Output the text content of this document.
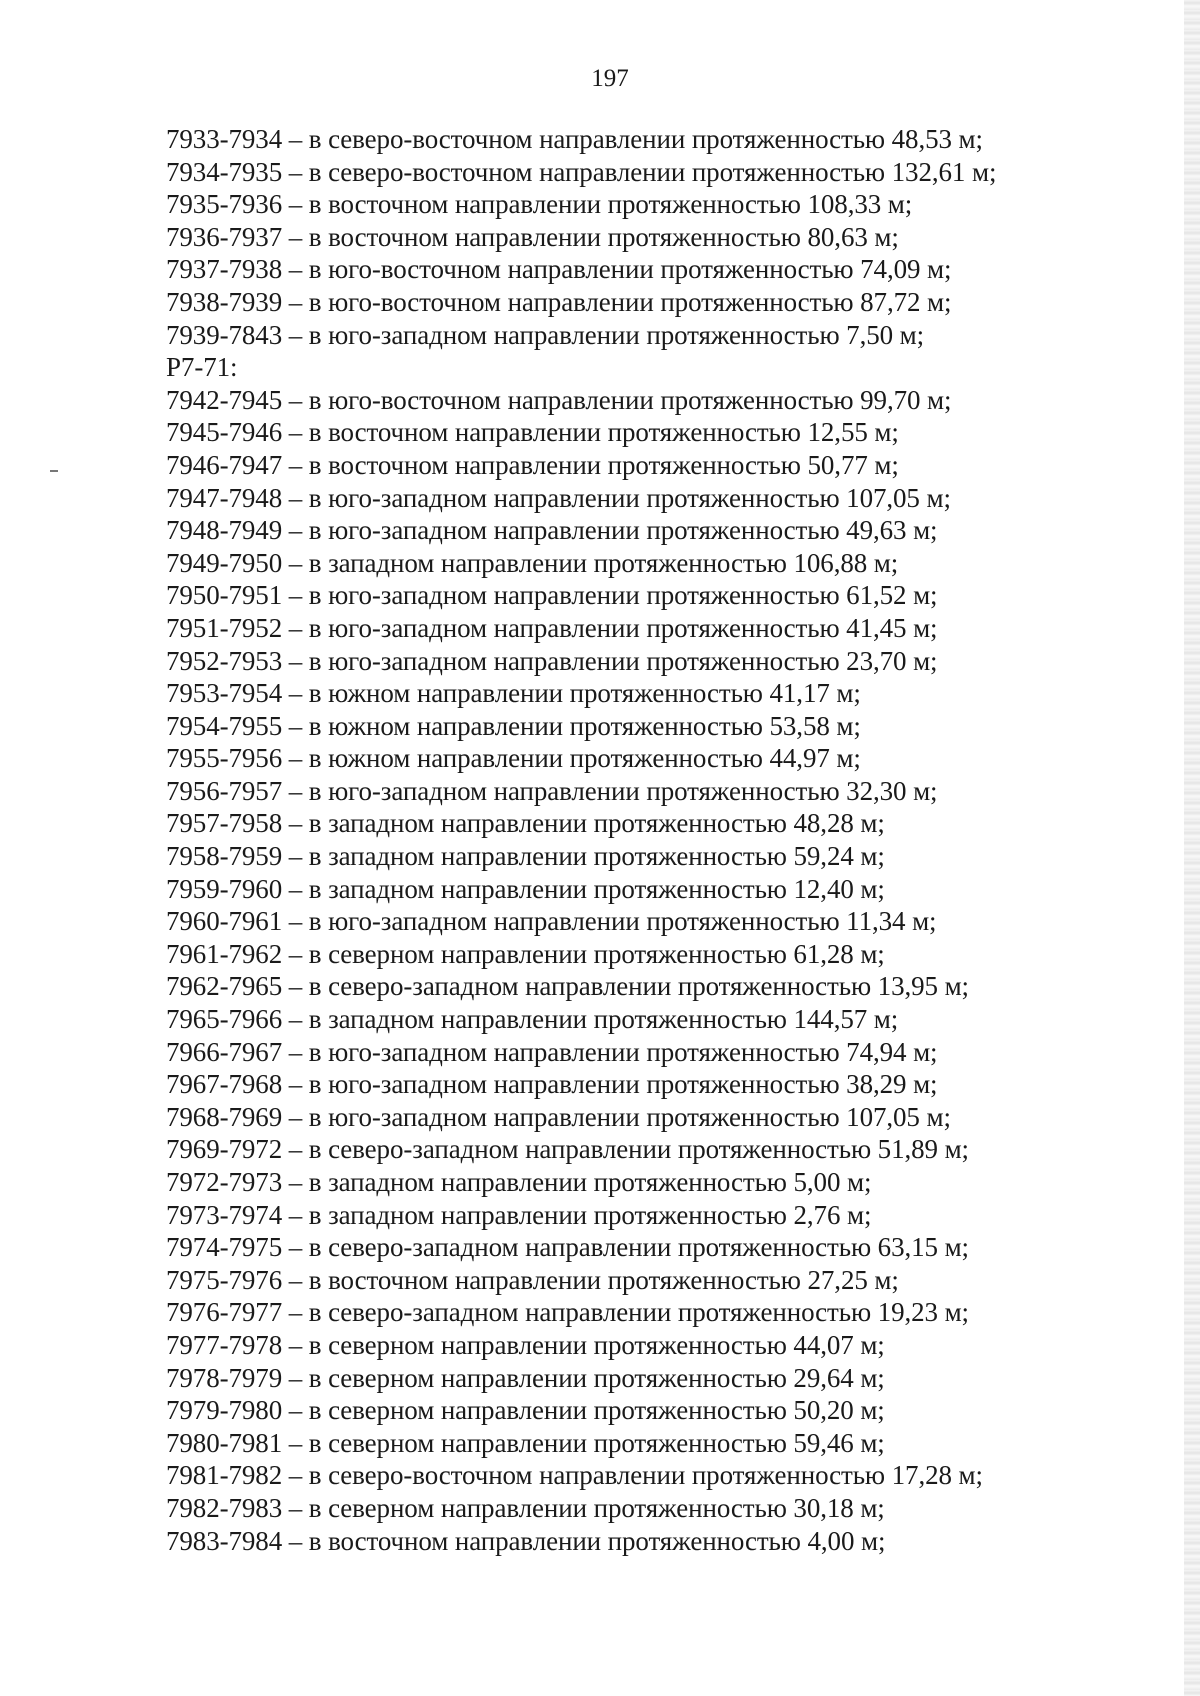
197
7933-7934 – в северо-восточном направлении протяженностью 48,53 м;
7934-7935 – в северо-восточном направлении протяженностью 132,61 м;
7935-7936 – в восточном направлении протяженностью 108,33 м;
7936-7937 – в восточном направлении протяженностью 80,63 м;
7937-7938 – в юго-восточном направлении протяженностью 74,09 м;
7938-7939 – в юго-восточном направлении протяженностью 87,72 м;
7939-7843 – в юго-западном направлении протяженностью 7,50 м;
Р7-71:
7942-7945 – в юго-восточном направлении протяженностью 99,70 м;
7945-7946 – в восточном направлении протяженностью 12,55 м;
7946-7947 – в восточном направлении протяженностью 50,77 м;
7947-7948 – в юго-западном направлении протяженностью 107,05 м;
7948-7949 – в юго-западном направлении протяженностью 49,63 м;
7949-7950 – в западном направлении протяженностью 106,88 м;
7950-7951 – в юго-западном направлении протяженностью 61,52 м;
7951-7952 – в юго-западном направлении протяженностью 41,45 м;
7952-7953 – в юго-западном направлении протяженностью 23,70 м;
7953-7954 – в южном направлении протяженностью 41,17 м;
7954-7955 – в южном направлении протяженностью 53,58 м;
7955-7956 – в южном направлении протяженностью 44,97 м;
7956-7957 – в юго-западном направлении протяженностью 32,30 м;
7957-7958 – в западном направлении протяженностью 48,28 м;
7958-7959 – в западном направлении протяженностью 59,24 м;
7959-7960 – в западном направлении протяженностью 12,40 м;
7960-7961 – в юго-западном направлении протяженностью 11,34 м;
7961-7962 – в северном направлении протяженностью 61,28 м;
7962-7965 – в северо-западном направлении протяженностью 13,95 м;
7965-7966 – в западном направлении протяженностью 144,57 м;
7966-7967 – в юго-западном направлении протяженностью 74,94 м;
7967-7968 – в юго-западном направлении протяженностью 38,29 м;
7968-7969 – в юго-западном направлении протяженностью 107,05 м;
7969-7972 – в северо-западном направлении протяженностью 51,89 м;
7972-7973 – в западном направлении протяженностью 5,00 м;
7973-7974 – в западном направлении протяженностью 2,76 м;
7974-7975 – в северо-западном направлении протяженностью 63,15 м;
7975-7976 – в восточном направлении протяженностью 27,25 м;
7976-7977 – в северо-западном направлении протяженностью 19,23 м;
7977-7978 – в северном направлении протяженностью 44,07 м;
7978-7979 – в северном направлении протяженностью 29,64 м;
7979-7980 – в северном направлении протяженностью 50,20 м;
7980-7981 – в северном направлении протяженностью 59,46 м;
7981-7982 – в северо-восточном направлении протяженностью 17,28 м;
7982-7983 – в северном направлении протяженностью 30,18 м;
7983-7984 – в восточном направлении протяженностью 4,00 м;
